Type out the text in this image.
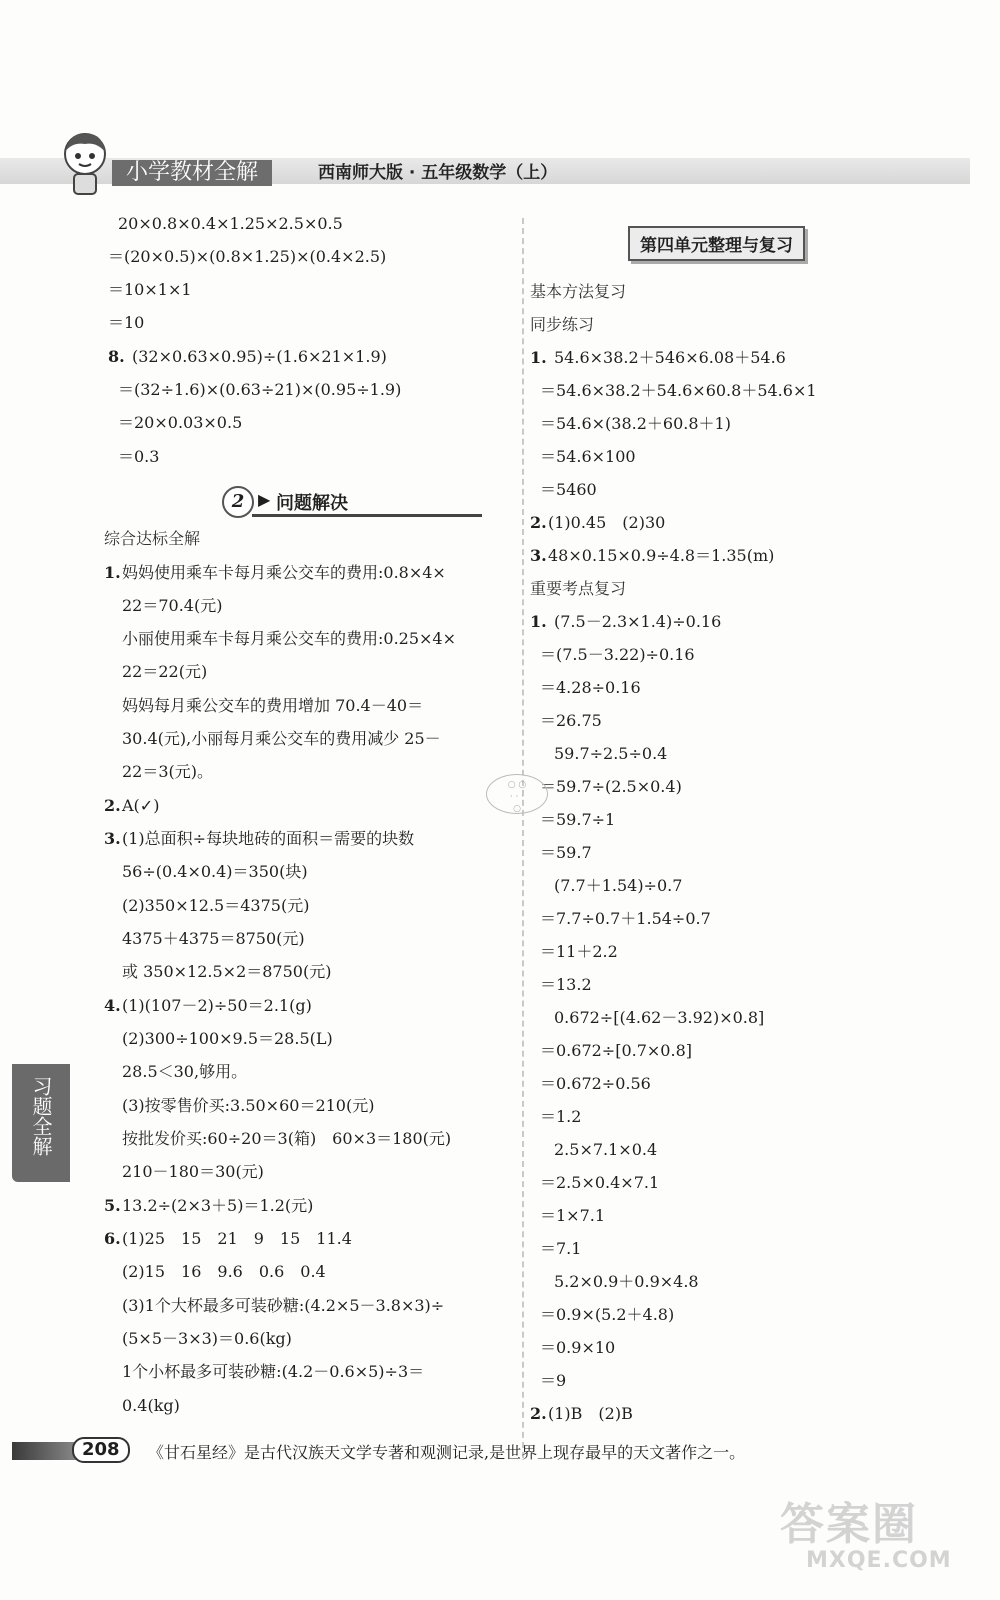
小学教材全解	西南师大版 · 五年级数学（上）
20×0.8×0.4×1.25×2.5×0.5
＝(20×0.5)×(0.8×1.25)×(0.4×2.5)
＝10×1×1
＝10
8. (32×0.63×0.95)÷(1.6×21×1.9)
＝(32÷1.6)×(0.63÷21)×(0.95÷1.9)
＝20×0.03×0.5
＝0.3
2 ▶ 问题解决
综合达标全解
1. 妈妈使用乘车卡每月乘公交车的费用:0.8×4×
22＝70.4(元)
小丽使用乘车卡每月乘公交车的费用:0.25×4×
22＝22(元)
妈妈每月乘公交车的费用增加 70.4－40＝
30.4(元),小丽每月乘公交车的费用减少 25－
22＝3(元)。
2. A(✓)
3. (1)总面积÷每块地砖的面积＝需要的块数
56÷(0.4×0.4)＝350(块)
(2)350×12.5＝4375(元)
4375＋4375＝8750(元)
或 350×12.5×2＝8750(元)
4. (1)(107－2)÷50＝2.1(g)
(2)300÷100×9.5＝28.5(L)
28.5＜30,够用。
(3)按零售价买:3.50×60＝210(元)
按批发价买:60÷20＝3(箱)　60×3＝180(元)
210－180＝30(元)
5. 13.2÷(2×3＋5)＝1.2(元)
6. (1)25　15　21　9　15　11.4
(2)15　16　9.6　0.6　0.4
(3)1个大杯最多可装砂糖:(4.2×5－3.8×3)÷
(5×5－3×3)＝0.6(kg)
1个小杯最多可装砂糖:(4.2－0.6×5)÷3＝
0.4(kg)
第四单元整理与复习
基本方法复习
同步练习
1. 54.6×38.2＋546×6.08＋54.6
＝54.6×38.2＋54.6×60.8＋54.6×1
＝54.6×(38.2＋60.8＋1)
＝54.6×100
＝5460
2. (1)0.45　(2)30
3. 48×0.15×0.9÷4.8＝1.35(m)
重要考点复习
1. (7.5－2.3×1.4)÷0.16
＝(7.5－3.22)÷0.16
＝4.28÷0.16
＝26.75
59.7÷2.5÷0.4
＝59.7÷(2.5×0.4)
＝59.7÷1
＝59.7
(7.7＋1.54)÷0.7
＝7.7÷0.7＋1.54÷0.7
＝11＋2.2
＝13.2
0.672÷[(4.62－3.92)×0.8]
＝0.672÷[0.7×0.8]
＝0.672÷0.56
＝1.2
2.5×7.1×0.4
＝2.5×0.4×7.1
＝1×7.1
＝7.1
5.2×0.9＋0.9×4.8
＝0.9×(5.2＋4.8)
＝0.9×10
＝9
2. (1)B　(2)B
○ ○
· · ·
○
习题全解
208	《甘石星经》是古代汉族天文学专著和观测记录,是世界上现存最早的天文著作之一。
答案圈
MXQE.COM
